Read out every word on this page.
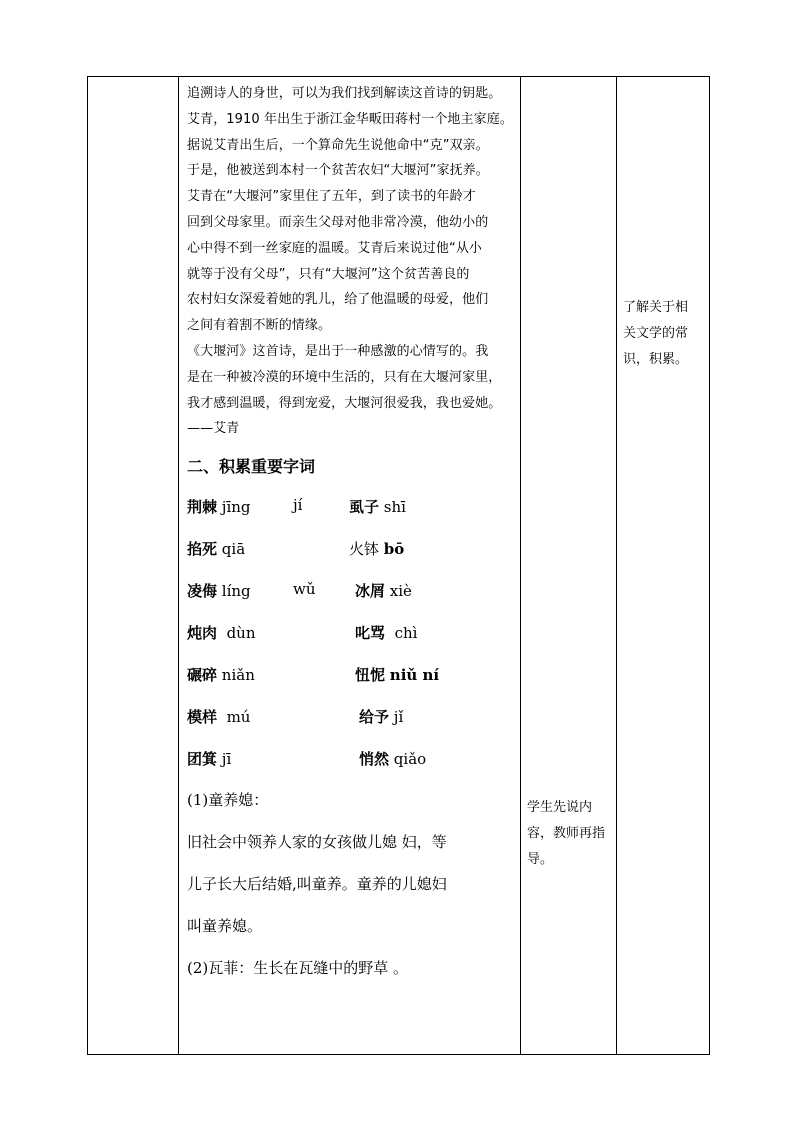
追溯诗人的身世，可以为我们找到解读这首诗的钥匙。

艾青，1910 年出生于浙江金华畈田蒋村一个地主家庭。

据说艾青出生后，一个算命先生说他命中“克”双亲。

于是，他被送到本村一个贫苦农妇“大堰河”家抚养。

艾青在“大堰河”家里住了五年，到了读书的年龄才

回到父母家里。而亲生父母对他非常冷漠，他幼小的

心中得不到一丝家庭的温暖。艾青后来说过他“从小

就等于没有父母”，只有“大堰河”这个贫苦善良的

农村妇女深爱着她的乳儿，给了他温暖的母爱，他们

之间有着割不断的情缘。

《大堰河》这首诗，是出于一种感激的心情写的。我

是在一种被冷漠的环境中生活的，只有在大堰河家里，

我才感到温暖，得到宠爱，大堰河很爱我，我也爱她。

——艾青

二、积累重要字词
荆棘 jīng	jí	虱子 shī
掐死 qiā	火钵 bō
凌侮 líng	wǔ	冰屑 xiè
炖肉 dùn	叱骂 chì
碾碎 niǎn	忸怩 niǔ ní
模样 mú	给予 jǐ
团箕 jī	悄然 qiǎo

(1)童养媳：

旧社会中领养人家的女孩做儿媳 妇，等

儿子长大后结婚,叫童养。童养的儿媳妇

叫童养媳。

(2)瓦菲：生长在瓦缝中的野草 。

学生先说内
容，教师再指
导。

了解关于相
关文学的常
识，积累。
